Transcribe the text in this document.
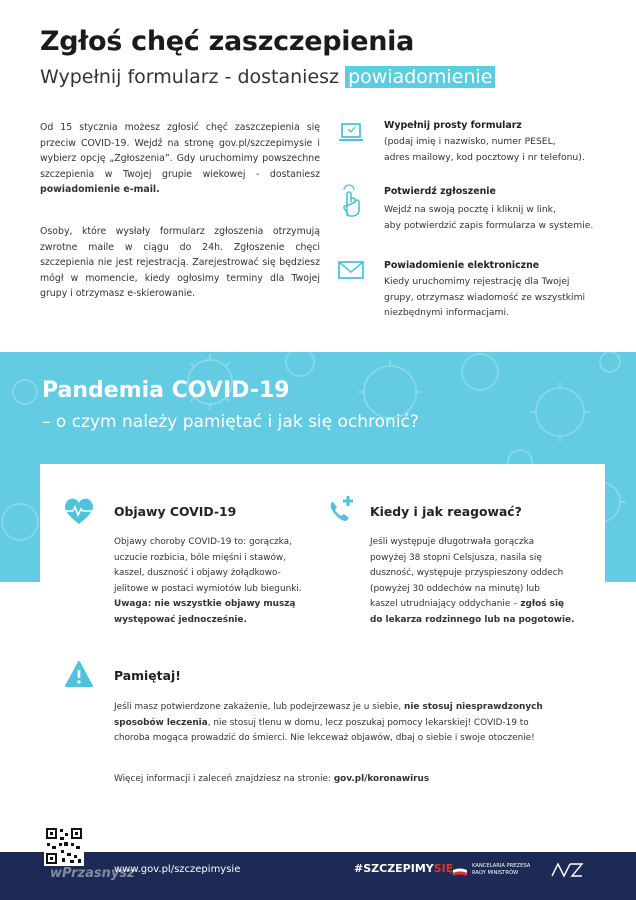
Zgłoś chęć zaszczepienia
Wypełnij formularz - dostaniesz powiadomienie
Od 15 stycznia możesz zgłosić chęć zaszczepienia się przeciw COVID-19. Wejdź na stronę gov.pl/szczepimysie i wybierz opcję „Zgłoszenia”. Gdy uruchomimy powszechne szczepienia w Twojej grupie wiekowej - dostaniesz powiadomienie e-mail.
Osoby, które wysłały formularz zgłoszenia otrzymują zwrotne maile w ciągu do 24h. Zgłoszenie chęci szczepienia nie jest rejestracją. Zarejestrować się będziesz mógł w momencie, kiedy ogłosimy terminy dla Twojej grupy i otrzymasz e-skierowanie.
Wypełnij prosty formularz
(podaj imię i nazwisko, numer PESEL,
adres mailowy, kod pocztowy i nr telefonu).
Potwierdź zgłoszenie
Wejdź na swoją pocztę i kliknij w link,
aby potwierdzić zapis formularza w systemie.
Powiadomienie elektroniczne
Kiedy uruchomimy rejestrację dla Twojej
grupy, otrzymasz wiadomość ze wszystkimi
niezbędnymi informacjami.
Pandemia COVID-19
– o czym należy pamiętać i jak się ochronić?
Objawy COVID-19
Objawy choroby COVID-19 to: gorączka,
uczucie rozbicia, bóle mięśni i stawów,
kaszel, duszność i objawy żołądkowo-
jelitowe w postaci wymiotów lub biegunki.
Uwaga: nie wszystkie objawy muszą
występować jednocześnie.
Kiedy i jak reagować?
Jeśli występuje długotrwała gorączka
powyżej 38 stopni Celsjusza, nasila się
duszność, występuje przyspieszony oddech
(powyżej 30 oddechów na minutę) lub
kaszel utrudniający oddychanie – zgłoś się
do lekarza rodzinnego lub na pogotowie.
Pamiętaj!
Jeśli masz potwierdzone zakażenie, lub podejrzewasz je u siebie, nie stosuj niesprawdzonych
sposobów leczenia, nie stosuj tlenu w domu, lecz poszukaj pomocy lekarskiej! COVID-19 to
choroba mogąca prowadzić do śmierci. Nie lekceważ objawów, dbaj o siebie i swoje otoczenie!
Więcej informacji i zaleceń znajdziesz na stronie: gov.pl/koronawirus
www.gov.pl/szczepimysie
wPrzasnysz	#SZCZEPIMYSIĘ	KANCELARIA PREZESA RADY MINISTRÓW
